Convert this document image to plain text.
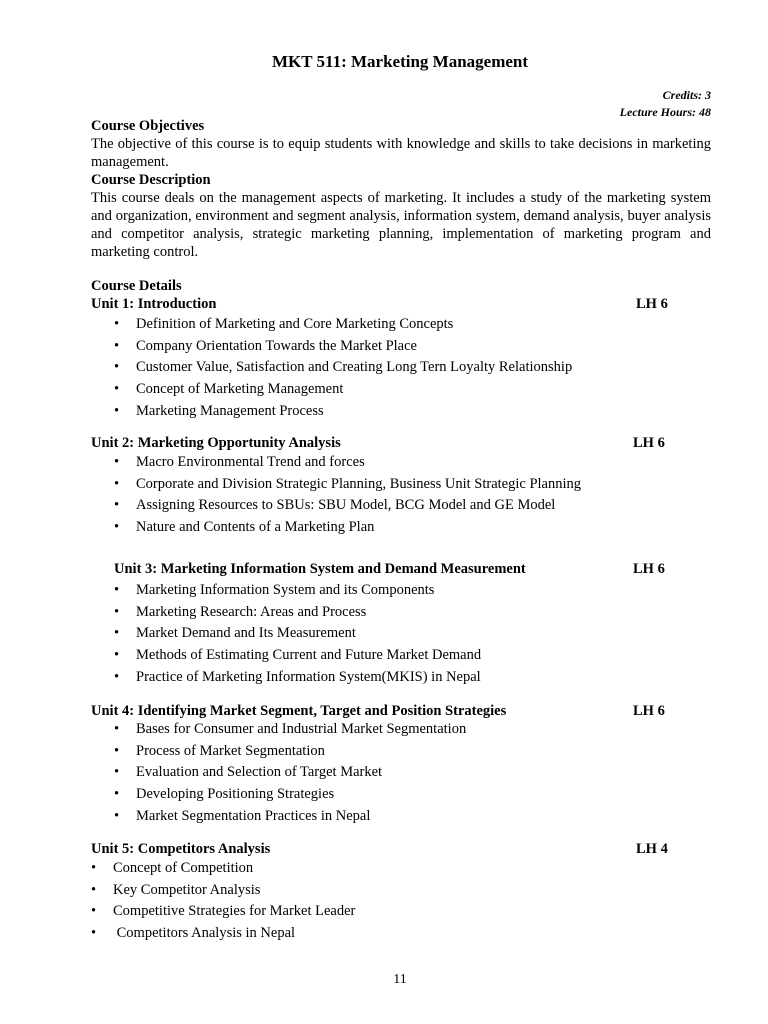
MKT 511: Marketing Management
Credits: 3
Lecture Hours: 48
Course Objectives
The objective of this course is to equip students with knowledge and skills to take decisions in marketing management.
Course Description
This course deals on the management aspects of marketing. It includes a study of the marketing system and organization, environment and segment analysis, information system, demand analysis, buyer analysis and competitor analysis, strategic marketing planning, implementation of marketing program and marketing control.
Course Details
Unit 1: Introduction	LH 6
• Definition of Marketing and Core Marketing Concepts
• Company Orientation Towards the Market Place
• Customer Value, Satisfaction and Creating Long Tern Loyalty Relationship
• Concept of Marketing Management
• Marketing Management Process
Unit 2: Marketing Opportunity Analysis	LH 6
• Macro Environmental Trend and forces
• Corporate and Division Strategic Planning, Business Unit Strategic Planning
• Assigning Resources to SBUs: SBU Model, BCG Model and GE Model
• Nature and Contents of a Marketing Plan
Unit 3: Marketing Information System and Demand Measurement	LH 6
• Marketing Information System and its Components
• Marketing Research: Areas and Process
• Market Demand and Its Measurement
• Methods of Estimating Current and Future Market Demand
• Practice of Marketing Information System(MKIS) in Nepal
Unit 4: Identifying Market Segment, Target and Position Strategies	LH 6
• Bases for Consumer and Industrial Market Segmentation
• Process of Market Segmentation
• Evaluation and Selection of Target Market
• Developing Positioning Strategies
• Market Segmentation Practices in Nepal
Unit 5: Competitors Analysis	LH 4
• Concept of Competition
• Key Competitor Analysis
• Competitive Strategies for Market Leader
• Competitors Analysis in Nepal
11
